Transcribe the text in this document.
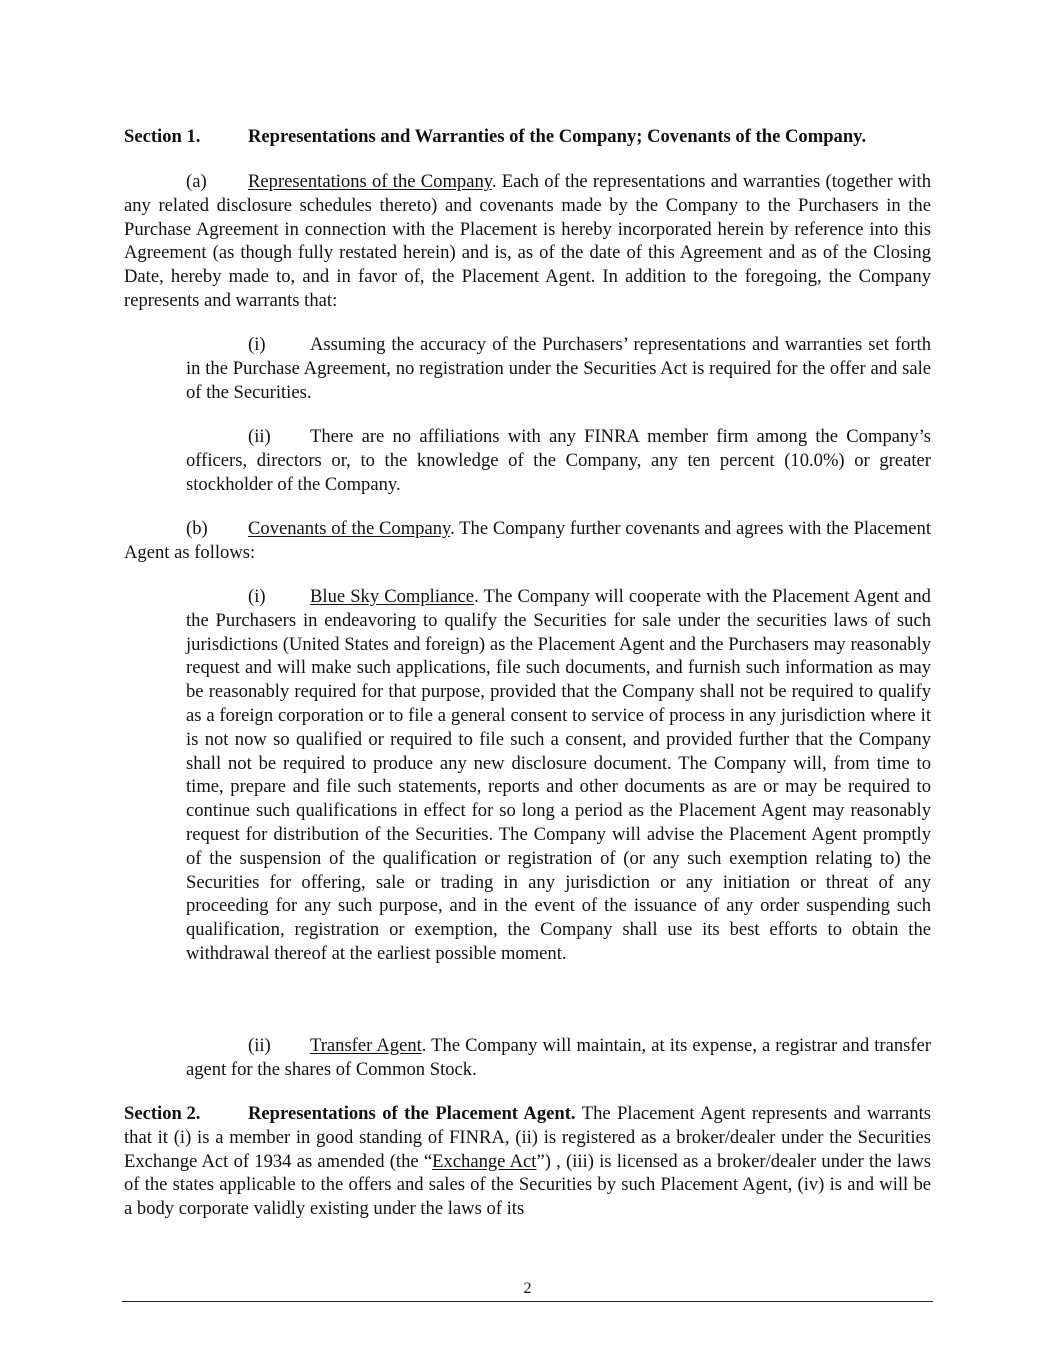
Section 1.	Representations and Warranties of the Company; Covenants of the Company.
(a) Representations of the Company. Each of the representations and warranties (together with any related disclosure schedules thereto) and covenants made by the Company to the Purchasers in the Purchase Agreement in connection with the Placement is hereby incorporated herein by reference into this Agreement (as though fully restated herein) and is, as of the date of this Agreement and as of the Closing Date, hereby made to, and in favor of, the Placement Agent. In addition to the foregoing, the Company represents and warrants that:
(i) Assuming the accuracy of the Purchasers’ representations and warranties set forth in the Purchase Agreement, no registration under the Securities Act is required for the offer and sale of the Securities.
(ii) There are no affiliations with any FINRA member firm among the Company’s officers, directors or, to the knowledge of the Company, any ten percent (10.0%) or greater stockholder of the Company.
(b) Covenants of the Company. The Company further covenants and agrees with the Placement Agent as follows:
(i) Blue Sky Compliance. The Company will cooperate with the Placement Agent and the Purchasers in endeavoring to qualify the Securities for sale under the securities laws of such jurisdictions (United States and foreign) as the Placement Agent and the Purchasers may reasonably request and will make such applications, file such documents, and furnish such information as may be reasonably required for that purpose, provided that the Company shall not be required to qualify as a foreign corporation or to file a general consent to service of process in any jurisdiction where it is not now so qualified or required to file such a consent, and provided further that the Company shall not be required to produce any new disclosure document. The Company will, from time to time, prepare and file such statements, reports and other documents as are or may be required to continue such qualifications in effect for so long a period as the Placement Agent may reasonably request for distribution of the Securities. The Company will advise the Placement Agent promptly of the suspension of the qualification or registration of (or any such exemption relating to) the Securities for offering, sale or trading in any jurisdiction or any initiation or threat of any proceeding for any such purpose, and in the event of the issuance of any order suspending such qualification, registration or exemption, the Company shall use its best efforts to obtain the withdrawal thereof at the earliest possible moment.
(ii) Transfer Agent. The Company will maintain, at its expense, a registrar and transfer agent for the shares of Common Stock.
Section 2.	Representations of the Placement Agent. The Placement Agent represents and warrants that it (i) is a member in good standing of FINRA, (ii) is registered as a broker/dealer under the Securities Exchange Act of 1934 as amended (the “Exchange Act”) , (iii) is licensed as a broker/dealer under the laws of the states applicable to the offers and sales of the Securities by such Placement Agent, (iv) is and will be a body corporate validly existing under the laws of its
2
